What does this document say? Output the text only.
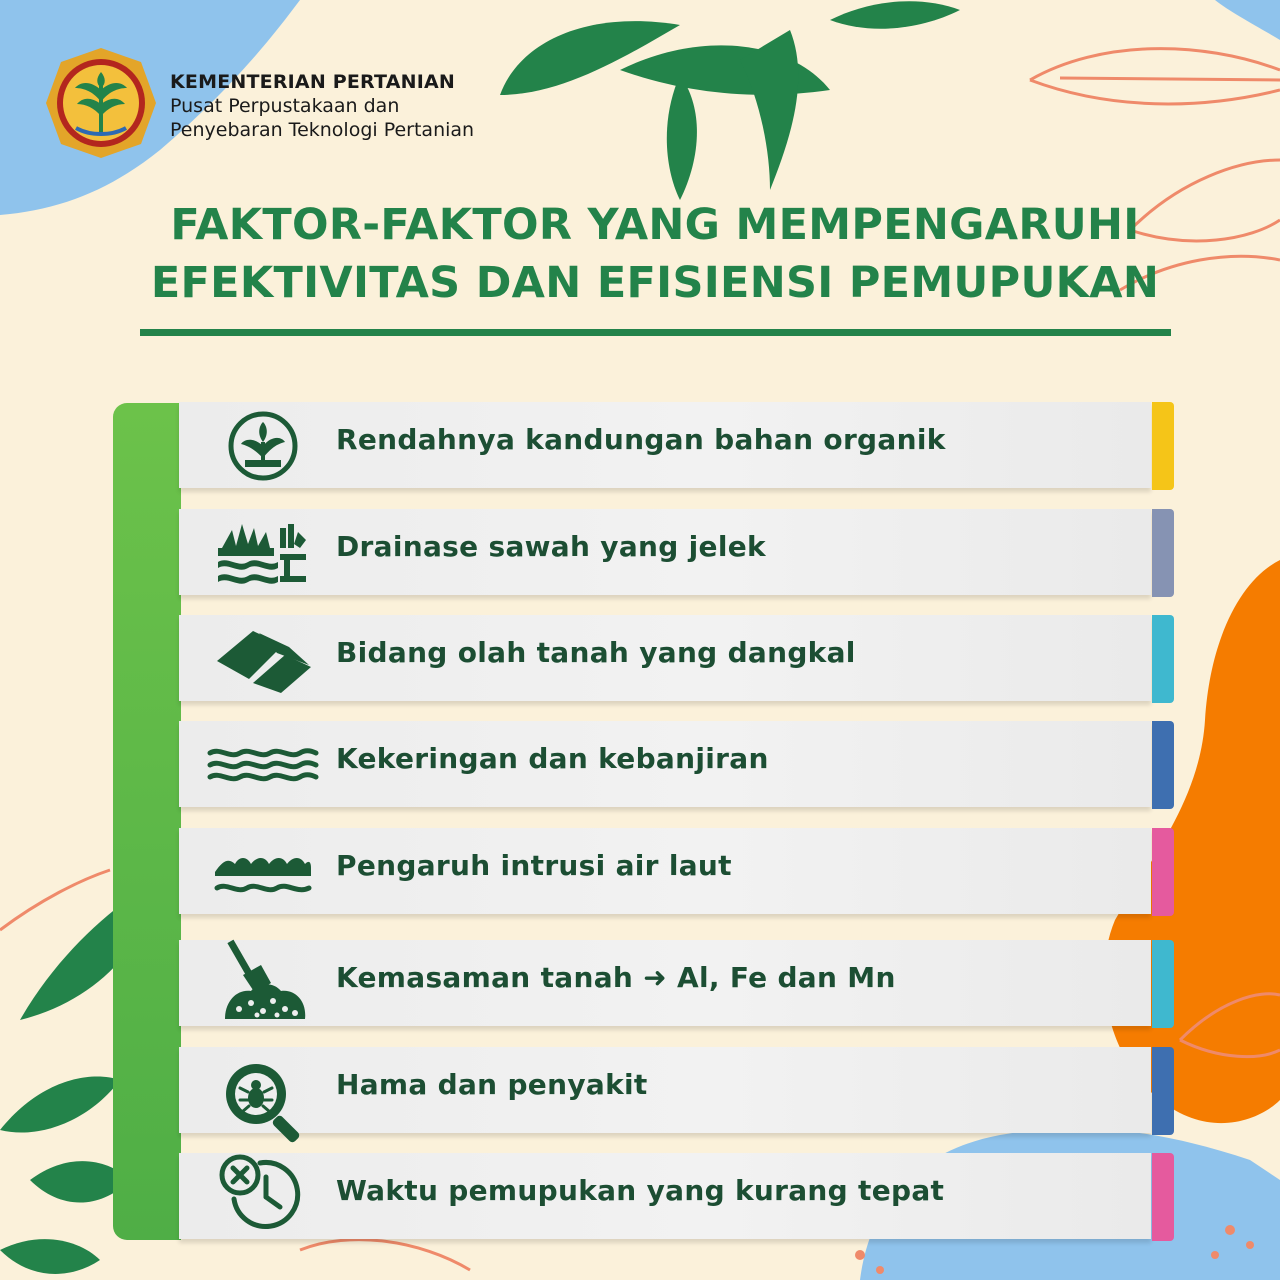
KEMENTERIAN PERTANIAN
Pusat Perpustakaan dan
Penyebaran Teknologi Pertanian
FAKTOR-FAKTOR YANG MEMPENGARUHI
EFEKTIVITAS DAN EFISIENSI PEMUPUKAN
Rendahnya kandungan bahan organik
Drainase sawah yang jelek
Bidang olah tanah yang dangkal
Kekeringan dan kebanjiran
Pengaruh intrusi air laut
Kemasaman tanah ➜ Al, Fe dan Mn
Hama dan penyakit
Waktu pemupukan yang kurang tepat
